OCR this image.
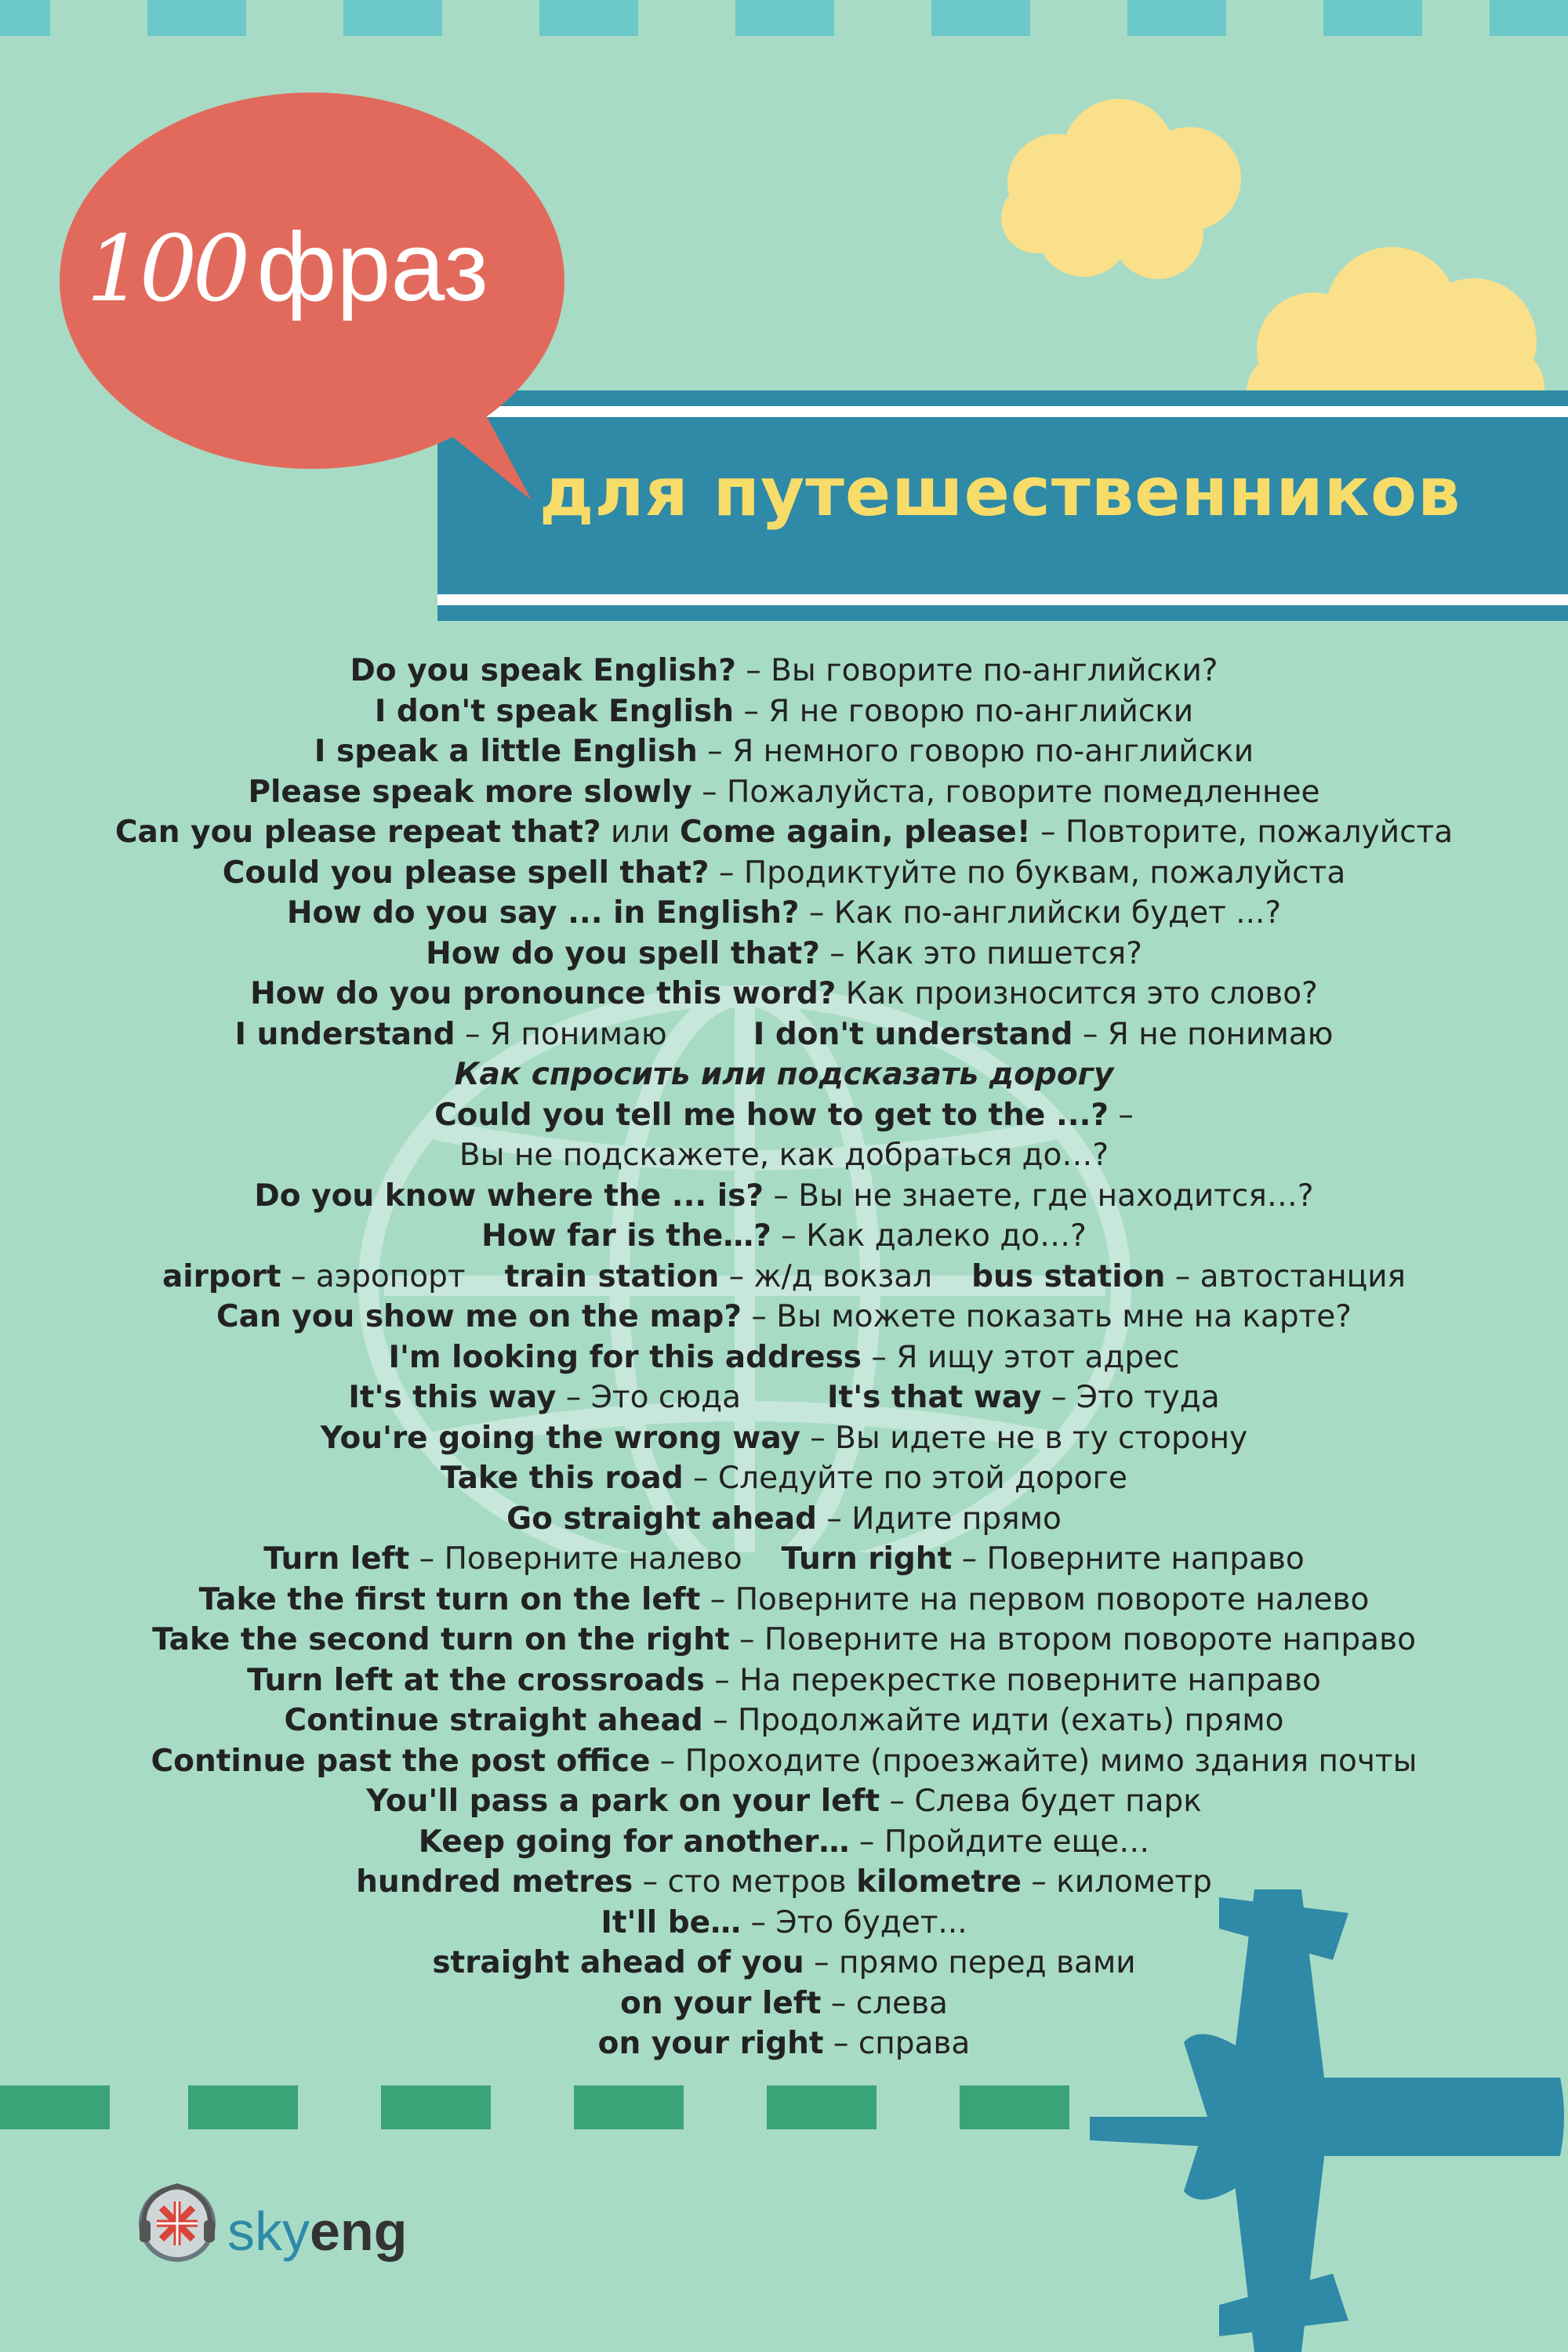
для путешественников
100 фраз
Do you speak English? – Вы говорите по-английски?
I don't speak English – Я не говорю по-английски
I speak a little English – Я немного говорю по-английски
Please speak more slowly – Пожалуйста, говорите помедленнее
Can you please repeat that? или Come again, please! – Повторите, пожалуйста
Could you please spell that? – Продиктуйте по буквам, пожалуйста
How do you say ... in English? – Как по-английски будет ...?
How do you spell that? – Как это пишется?
How do you pronounce this word? Как произносится это слово?
I understand – Я понимаю	I don't understand – Я не понимаю
Как спросить или подсказать дорогу
Could you tell me how to get to the ...? –
Вы не подскажете, как добраться до…?
Do you know where the ... is? – Вы не знаете, где находится…?
How far is the…? – Как далеко до…?
airport – аэропорт train station – ж/д вокзал bus station – автостанция
Can you show me on the map? – Вы можете показать мне на карте?
I'm looking for this address – Я ищу этот адрес
It's this way – Это сюда	It's that way – Это туда
You're going the wrong way – Вы идете не в ту сторону
Take this road – Следуйте по этой дороге
Go straight ahead – Идите прямо
Turn left – Поверните налево Turn right – Поверните направо
Take the first turn on the left – Поверните на первом повороте налево
Take the second turn on the right – Поверните на втором повороте направо
Turn left at the crossroads – На перекрестке поверните направо
Continue straight ahead – Продолжайте идти (ехать) прямо
Continue past the post office – Проходите (проезжайте) мимо здания почты
You'll pass a park on your left – Слева будет парк
Keep going for another… – Пройдите еще…
hundred metres – сто метров kilometre – километр
It'll be… – Это будет...
straight ahead of you – прямо перед вами
on your left – слева
on your right – справа
skyeng
